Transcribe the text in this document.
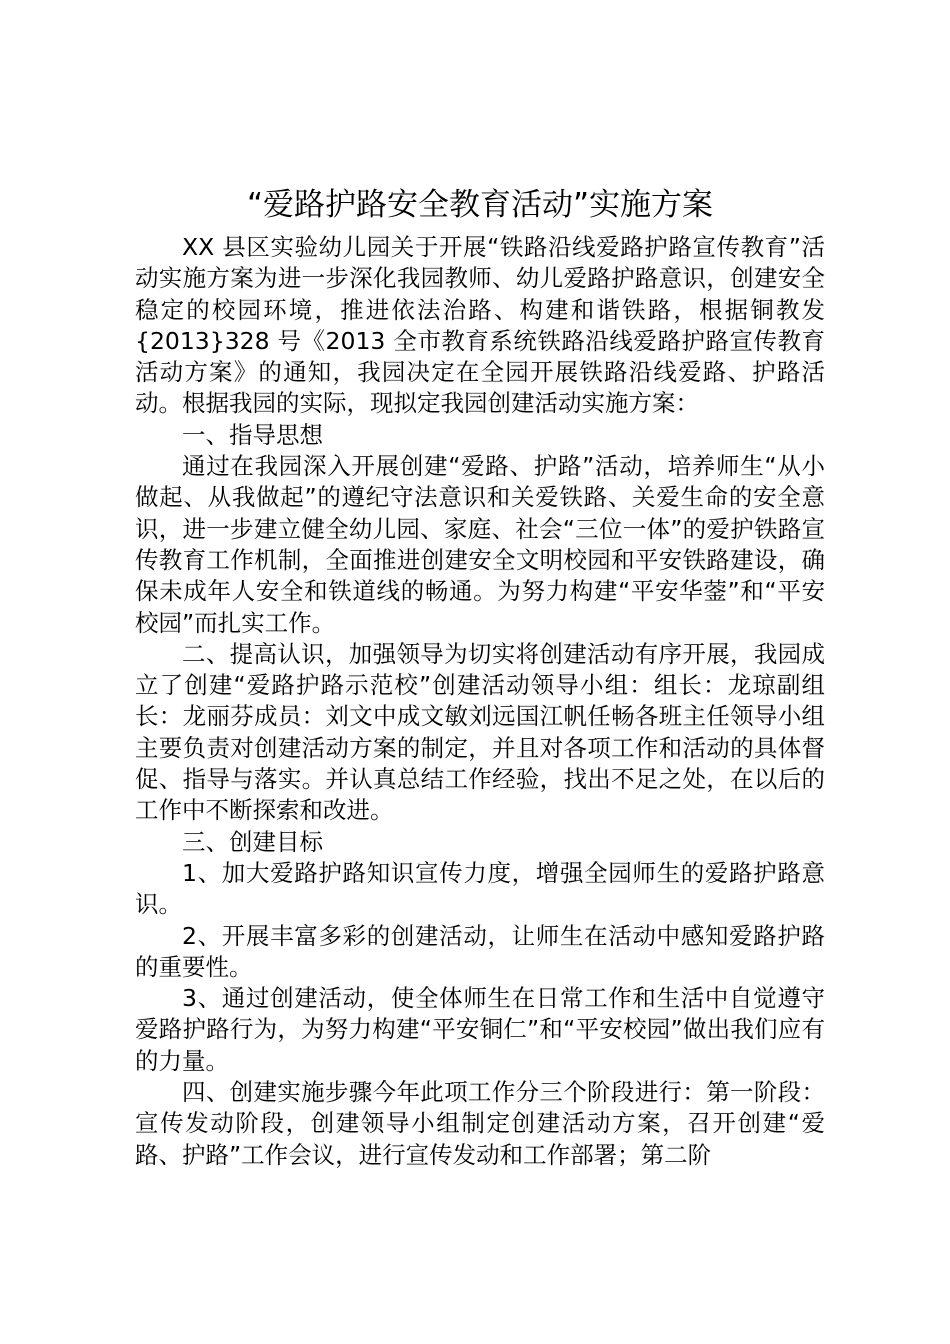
“爱路护路安全教育活动”实施方案

XX 县区实验幼儿园关于开展“铁路沿线爱路护路宣传教育”活动实施方案为进一步深化我园教师、幼儿爱路护路意识，创建安全稳定的校园环境，推进依法治路、构建和谐铁路，根据铜教发{2013}328 号《2013 全市教育系统铁路沿线爱路护路宣传教育活动方案》的通知，我园决定在全园开展铁路沿线爱路、护路活动。根据我园的实际，现拟定我园创建活动实施方案：

一、指导思想

通过在我园深入开展创建“爱路、护路”活动，培养师生“从小做起、从我做起”的遵纪守法意识和关爱铁路、关爱生命的安全意识，进一步建立健全幼儿园、家庭、社会“三位一体”的爱护铁路宣传教育工作机制，全面推进创建安全文明校园和平安铁路建设，确保未成年人安全和铁道线的畅通。为努力构建“平安华蓥”和“平安校园”而扎实工作。

二、提高认识，加强领导为切实将创建活动有序开展，我园成立了创建“爱路护路示范校”创建活动领导小组：组长：龙琼副组长：龙丽芬成员：刘文中成文敏刘远国江帆任畅各班主任领导小组主要负责对创建活动方案的制定，并且对各项工作和活动的具体督促、指导与落实。并认真总结工作经验，找出不足之处，在以后的工作中不断探索和改进。

三、创建目标

1、加大爱路护路知识宣传力度，增强全园师生的爱路护路意识。

2、开展丰富多彩的创建活动，让师生在活动中感知爱路护路的重要性。

3、通过创建活动，使全体师生在日常工作和生活中自觉遵守爱路护路行为，为努力构建“平安铜仁”和“平安校园”做出我们应有的力量。

四、创建实施步骤今年此项工作分三个阶段进行：第一阶段：宣传发动阶段，创建领导小组制定创建活动方案，召开创建“爱路、护路”工作会议，进行宣传发动和工作部署；第二阶
